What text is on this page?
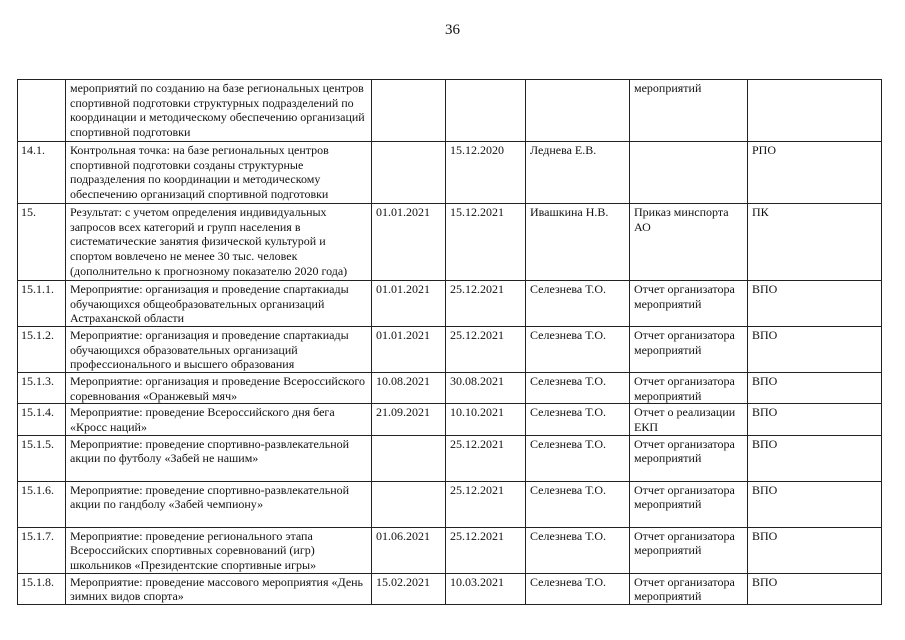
36
	мероприятий по созданию на базе региональных центров спортивной подготовки структурных подразделений по координации и методическому обеспечению организаций спортивной подготовки				мероприятий	
14.1.	Контрольная точка: на базе региональных центров спортивной подготовки созданы структурные подразделения по координации и методическому обеспечению организаций спортивной подготовки		15.12.2020	Леднева Е.В.		РПО
15.	Результат: с учетом определения индивидуальных запросов всех категорий и групп населения в систематические занятия физической культурой и спортом вовлечено не менее 30 тыс. человек (дополнительно к прогнозному показателю 2020 года)	01.01.2021	15.12.2021	Ивашкина Н.В.	Приказ минспорта АО	ПК
15.1.1.	Мероприятие: организация и проведение спартакиады обучающихся общеобразовательных организаций Астраханской области	01.01.2021	25.12.2021	Селезнева Т.О.	Отчет организатора мероприятий	ВПО
15.1.2.	Мероприятие: организация и проведение спартакиады обучающихся образовательных организаций профессионального и высшего образования	01.01.2021	25.12.2021	Селезнева Т.О.	Отчет организатора мероприятий	ВПО
15.1.3.	Мероприятие: организация и проведение Всероссийского соревнования «Оранжевый мяч»	10.08.2021	30.08.2021	Селезнева Т.О.	Отчет организатора мероприятий	ВПО
15.1.4.	Мероприятие: проведение Всероссийского дня бега «Кросс наций»	21.09.2021	10.10.2021	Селезнева Т.О.	Отчет о реализации ЕКП	ВПО
15.1.5.	Мероприятие: проведение спортивно-развлекательной акции по футболу «Забей не нашим»		25.12.2021	Селезнева Т.О.	Отчет организатора мероприятий	ВПО
15.1.6.	Мероприятие: проведение спортивно-развлекательной акции по гандболу «Забей чемпиону»		25.12.2021	Селезнева Т.О.	Отчет организатора мероприятий	ВПО
15.1.7.	Мероприятие: проведение регионального этапа Всероссийских спортивных соревнований (игр) школьников «Президентские спортивные игры»	01.06.2021	25.12.2021	Селезнева Т.О.	Отчет организатора мероприятий	ВПО
15.1.8.	Мероприятие: проведение массового мероприятия «День зимних видов спорта»	15.02.2021	10.03.2021	Селезнева Т.О.	Отчет организатора мероприятий	ВПО
